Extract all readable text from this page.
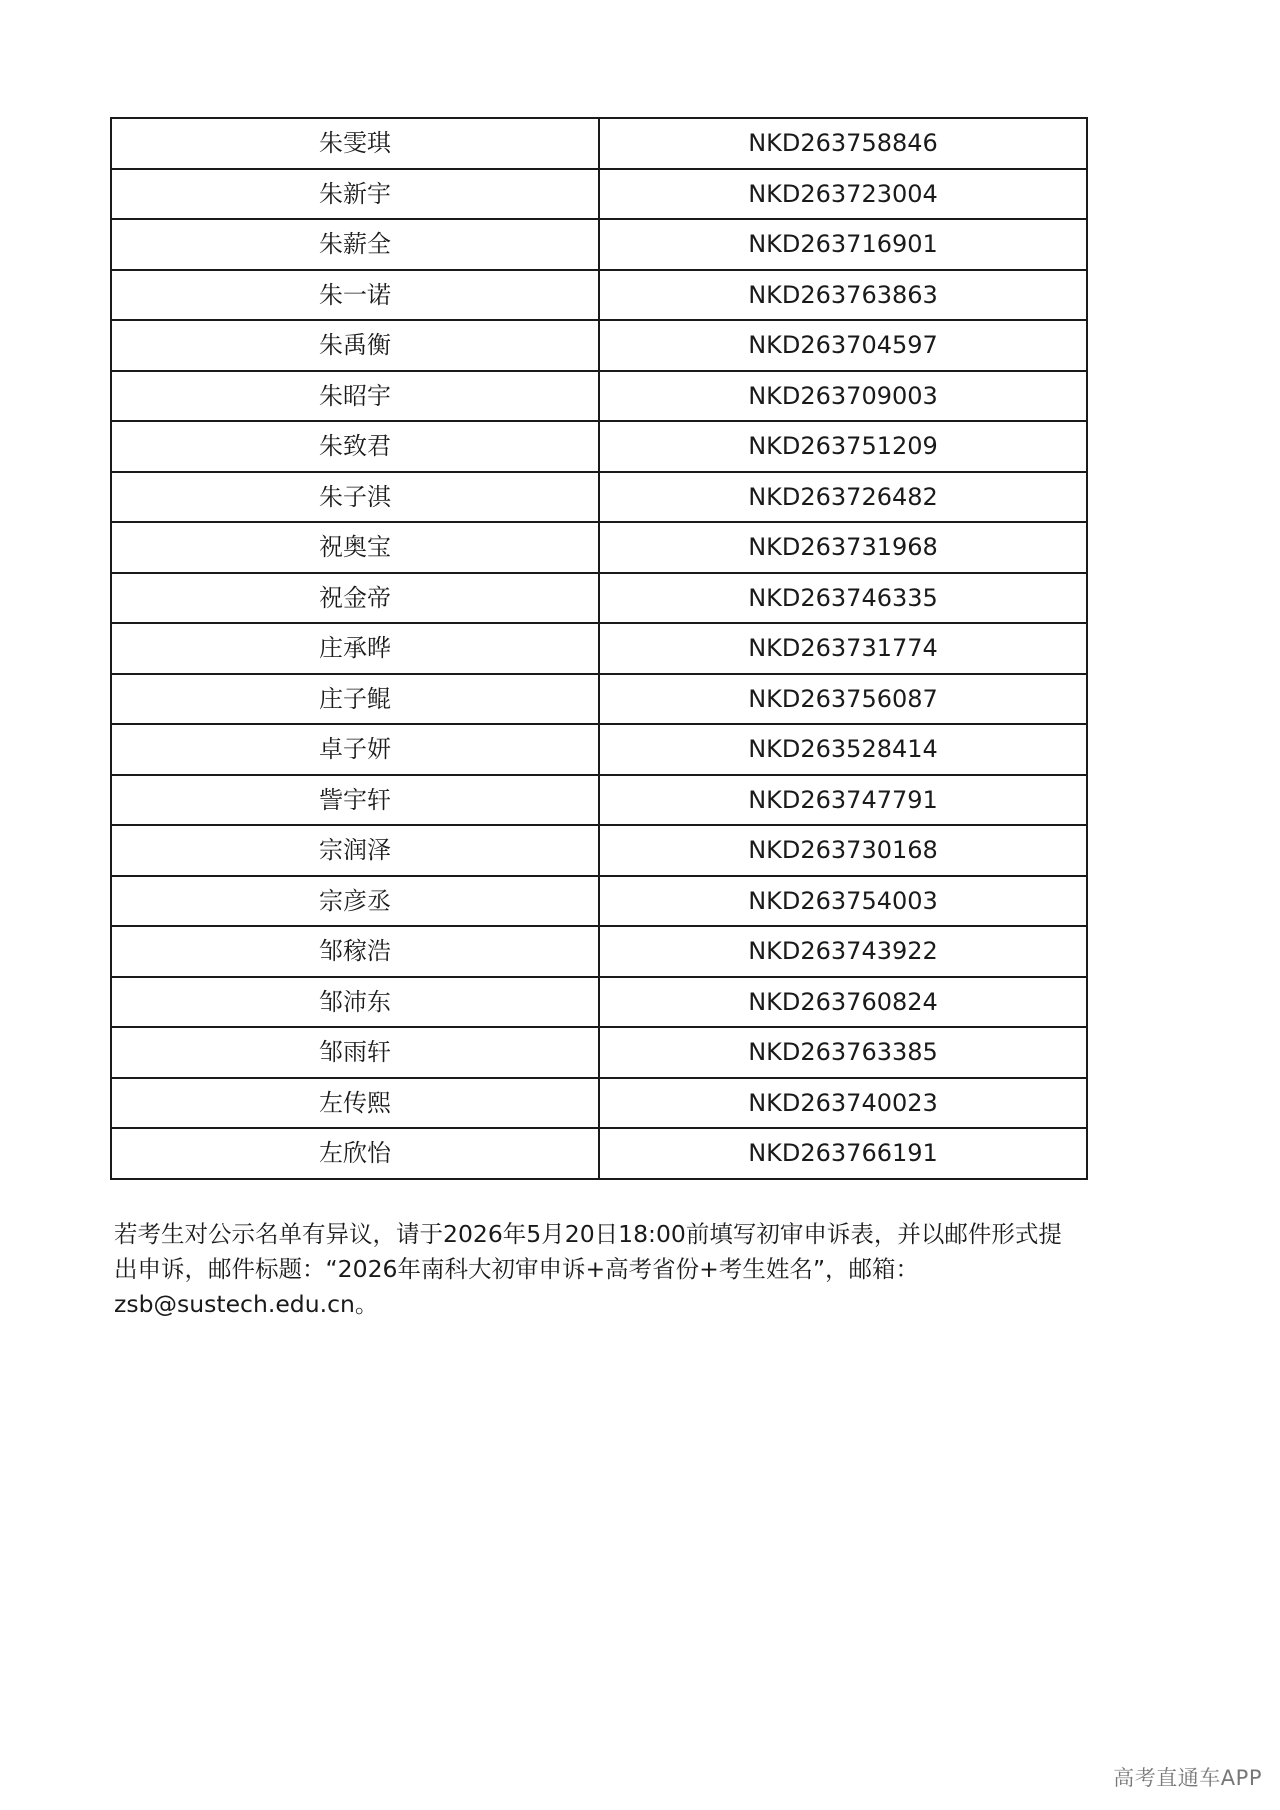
朱雯琪	NKD263758846
朱新宇	NKD263723004
朱薪全	NKD263716901
朱一诺	NKD263763863
朱禹衡	NKD263704597
朱昭宇	NKD263709003
朱致君	NKD263751209
朱子淇	NKD263726482
祝奥宝	NKD263731968
祝金帝	NKD263746335
庄承晔	NKD263731774
庄子鲲	NKD263756087
卓子妍	NKD263528414
訾宇轩	NKD263747791
宗润泽	NKD263730168
宗彦丞	NKD263754003
邹稼浩	NKD263743922
邹沛东	NKD263760824
邹雨轩	NKD263763385
左传熙	NKD263740023
左欣怡	NKD263766191

若考生对公示名单有异议，请于2026年5月20日18:00前填写初审申诉表，并以邮件形式提
出申诉，邮件标题：“2026年南科大初审申诉+高考省份+考生姓名”，邮箱：
zsb@sustech.edu.cn。

高考直通车APP
